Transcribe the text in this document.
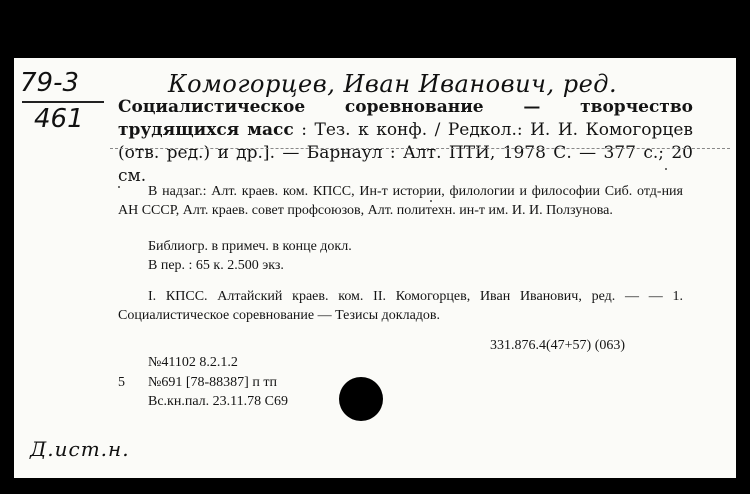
79-3
461
Комогорцев, Иван Иванович, ред.
Социалистическое соревнование — творчество трудящихся масс : Тез. к конф. / Редкол.: И. И. Комогорцев (отв. ред.) и др.]. — Барнаул : Алт. ПТИ, 1978 С. — 377 с.; 20 см.
В надзаг.: Алт. краев. ком. КПСС, Ин-т истории, филологии и философии Сиб. отд-ния АН СССР, Алт. краев. совет профсоюзов, Алт. политехн. ин-т им. И. И. Ползунова.
Библиогр. в примеч. в конце докл.
В пер. : 65 к. 2.500 экз.
I. КПСС. Алтайский краев. ком. II. Комогорцев, Иван Иванович, ред. — — 1. Социалистическое соревнование — Тезисы докладов.
331.876.4(47+57) (063)
№41102 8.2.1.2
5 №691 [78-88387] п тп
Вс.кн.пал. 23.11.78 С69
Д.ист.н.
